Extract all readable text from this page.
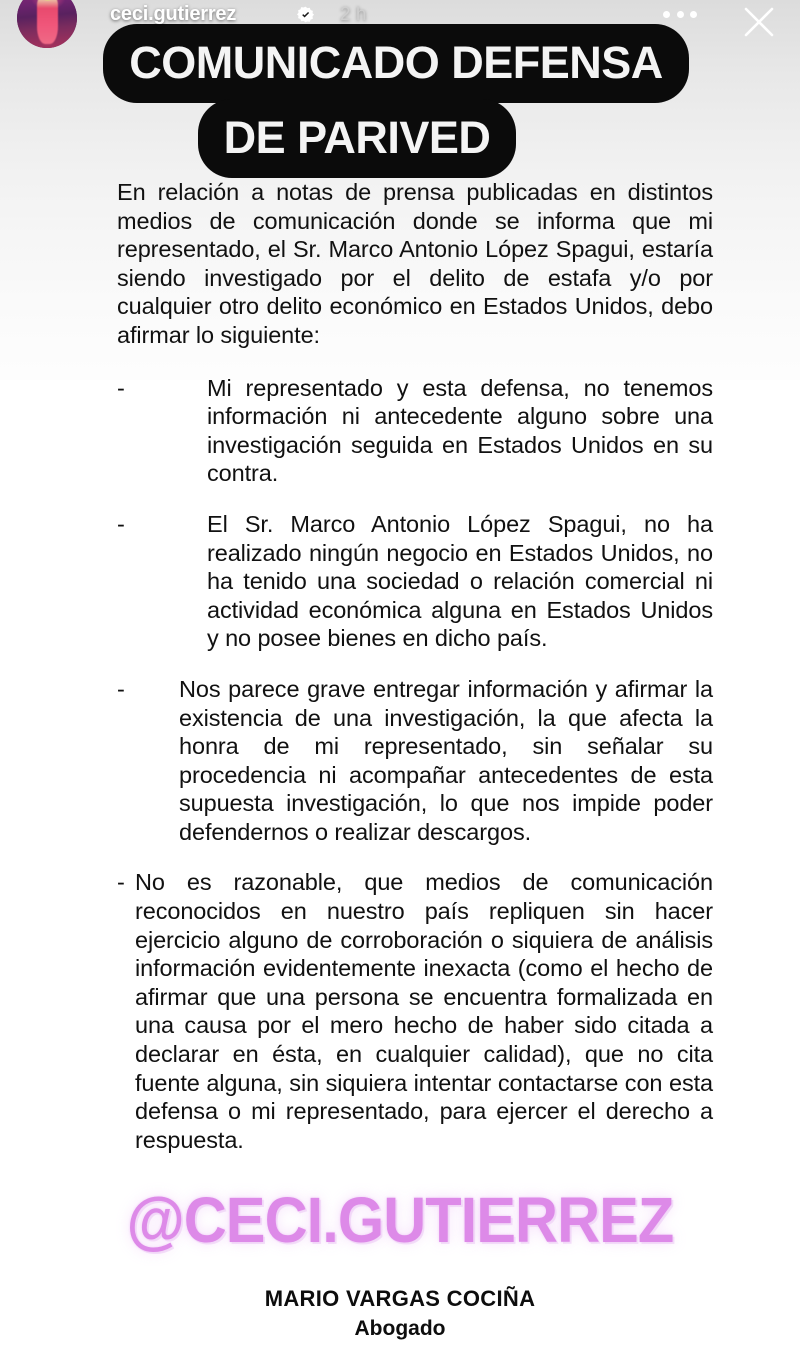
ceci.gutierrez	2 h
COMUNICADO DEFENSA
DE PARIVED
En relación a notas de prensa publicadas en distintos medios de comunicación donde se informa que mi representado, el Sr. Marco Antonio López Spagui, estaría siendo investigado por el delito de estafa y/o por cualquier otro delito económico en Estados Unidos, debo afirmar lo siguiente:
-	Mi representado y esta defensa, no tenemos información ni antecedente alguno sobre una investigación seguida en Estados Unidos en su contra.
-	El Sr. Marco Antonio López Spagui, no ha realizado ningún negocio en Estados Unidos, no ha tenido una sociedad o relación comercial ni actividad económica alguna en Estados Unidos y no posee bienes en dicho país.
-	Nos parece grave entregar información y afirmar la existencia de una investigación, la que afecta la honra de mi representado, sin señalar su procedencia ni acompañar antecedentes de esta supuesta investigación, lo que nos impide poder defendernos o realizar descargos.
- No es razonable, que medios de comunicación reconocidos en nuestro país repliquen sin hacer ejercicio alguno de corroboración o siquiera de análisis información evidentemente inexacta (como el hecho de afirmar que una persona se encuentra formalizada en una causa por el mero hecho de haber sido citada a declarar en ésta, en cualquier calidad), que no cita fuente alguna, sin siquiera intentar contactarse con esta defensa o mi representado, para ejercer el derecho a respuesta.
@CECI.GUTIERREZ
MARIO VARGAS COCIÑA
Abogado
